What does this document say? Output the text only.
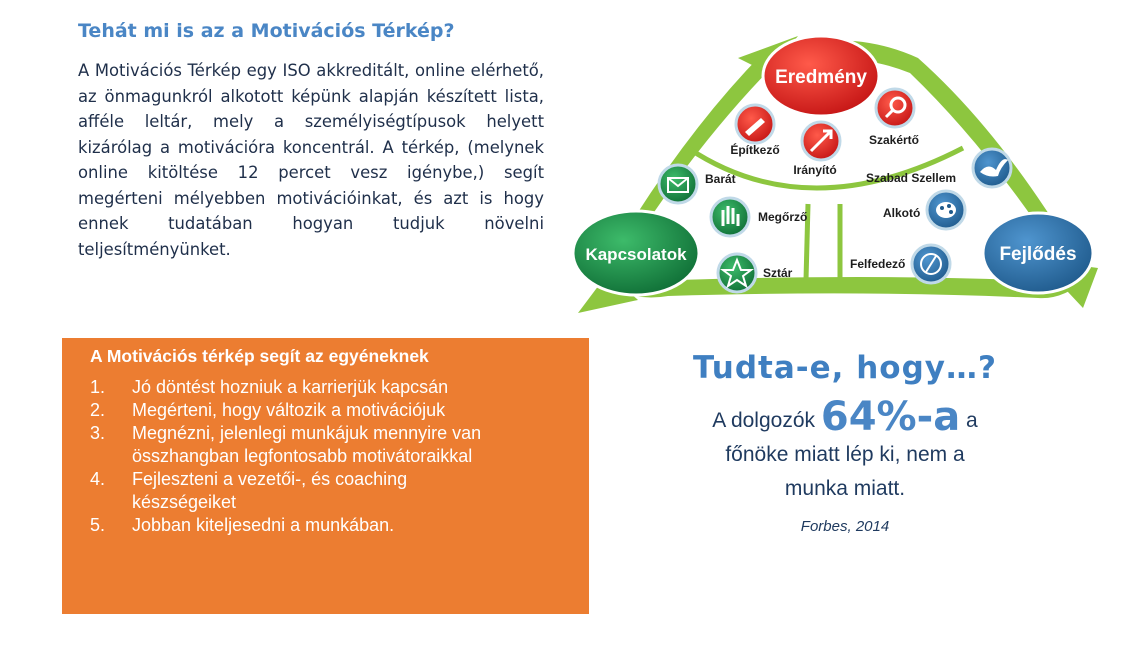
Tehát mi is az a Motivációs Térkép?

A Motivációs Térkép egy ISO akkreditált, online elérhető, az önmagunkról alkotott képünk alapján készített lista, afféle leltár, mely a személyiségtípusok helyett kizárólag a motivációra koncentrál. A térkép, (melynek online kitöltése 12 percet vesz igénybe,) segít megérteni mélyebben motivációinkat, és azt is hogy ennek tudatában hogyan tudjuk növelni teljesítményünket.

Eredmény
Kapcsolatok	Fejlődés
Építkező
Irányító
Szakértő
Barát
Megőrző
Sztár
Szabad Szellem
Alkotó
Felfedező
A Motivációs térkép segít az egyéneknek
1.	Jó döntést hozniuk a karrierjük kapcsán
2.	Megérteni, hogy változik a motivációjuk
3.	Megnézni, jelenlegi munkájuk mennyire van összhangban legfontosabb motivátoraikkal
4.	Fejleszteni a vezetői-, és coaching készségeiket
5.	Jobban kiteljesedni a munkában.
Tudta-e, hogy…?
A dolgozók 64%-a a
főnöke miatt lép ki, nem a
munka miatt.
Forbes, 2014
